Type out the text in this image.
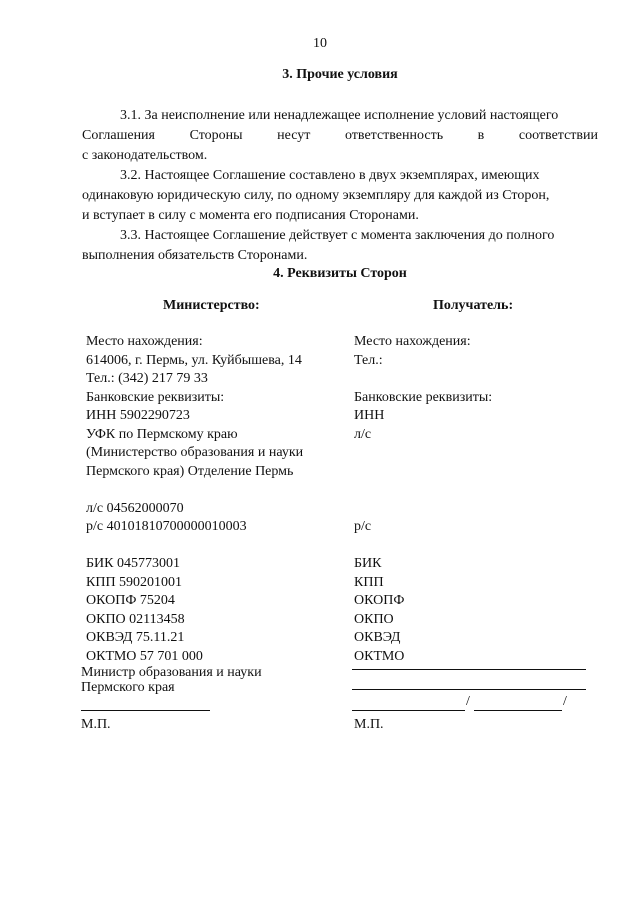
10
3. Прочие условия
3.1. За неисполнение или ненадлежащее исполнение условий настоящего
Соглашения Стороны несут ответственность в соответствии
с законодательством.
3.2. Настоящее Соглашение составлено в двух экземплярах, имеющих
одинаковую юридическую силу, по одному экземпляру для каждой из Сторон,
и вступает в силу с момента его подписания Сторонами.
3.3. Настоящее Соглашение действует с момента заключения до полного
выполнения обязательств Сторонами.
4. Реквизиты Сторон
Министерство:	Получатель:
Место нахождения:
614006, г. Пермь, ул. Куйбышева, 14
Тел.: (342) 217 79 33
Банковские реквизиты:
ИНН 5902290723
УФК по Пермскому краю
(Министерство образования и науки
Пермского края) Отделение Пермь
л/с 04562000070
р/с 40101810700000010003
БИК 045773001
КПП 590201001
ОКОПФ 75204
ОКПО 02113458
ОКВЭД 75.11.21
ОКТМО 57 701 000
Место нахождения:
Тел.:
Банковские реквизиты:
ИНН
л/с
р/с
БИК
КПП
ОКОПФ
ОКПО
ОКВЭД
ОКТМО
Министр образования и науки
Пермского края
М.П.
/	/
М.П.
